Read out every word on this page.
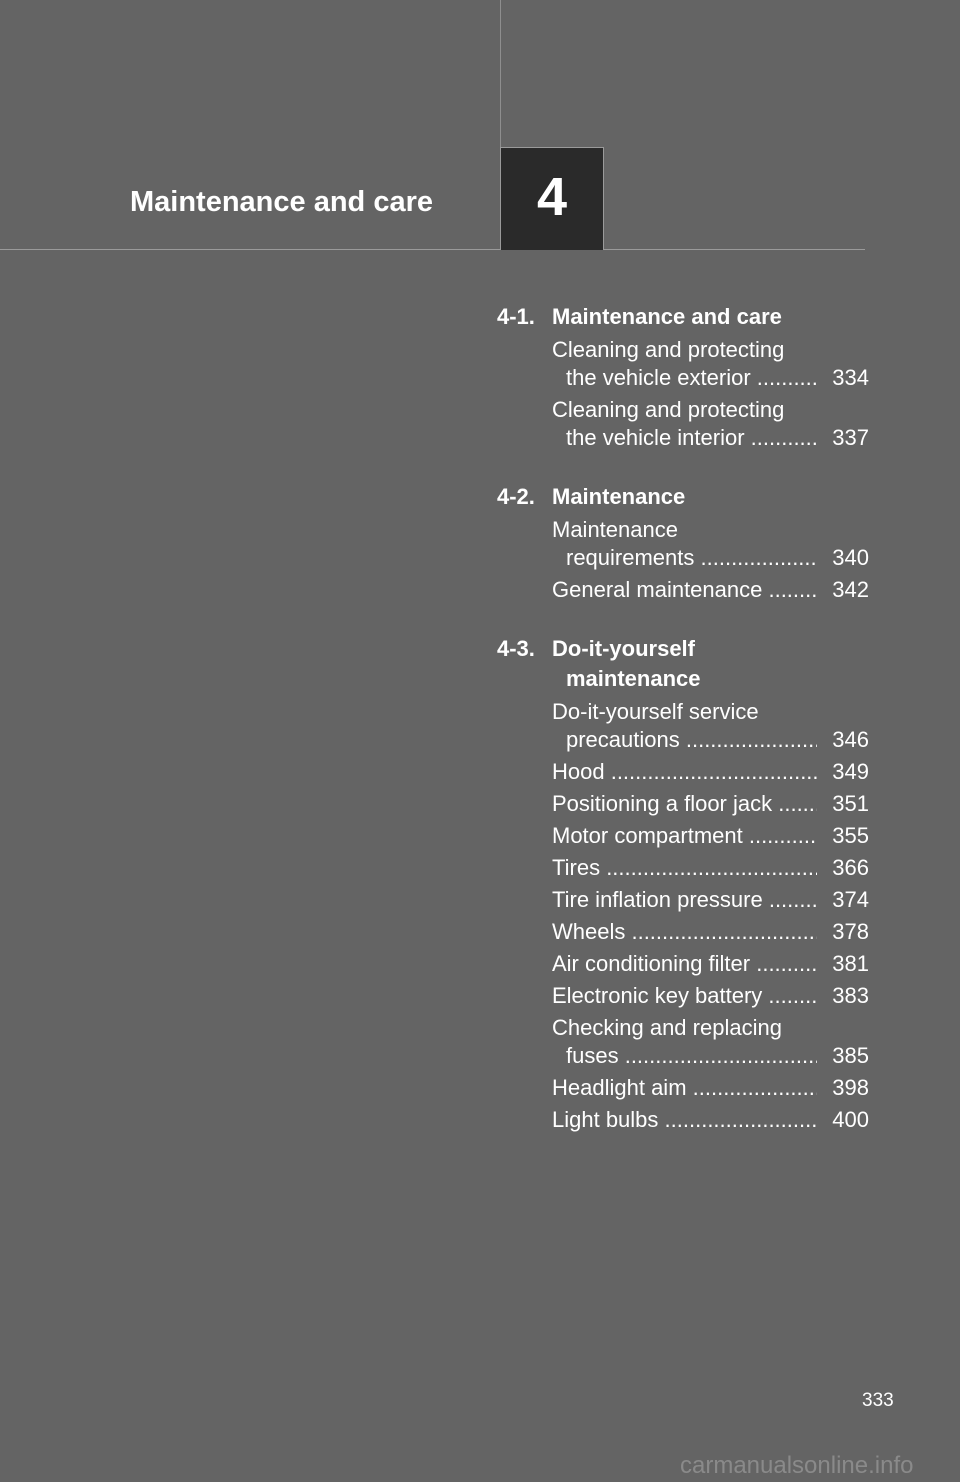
Maintenance and care	4
4-1. Maintenance and care
Cleaning and protecting
the vehicle exterior .....	334
Cleaning and protecting
the vehicle interior .....	337
4-2. Maintenance
Maintenance
requirements .....	340
General maintenance .....	342
4-3. Do-it-yourself
maintenance
Do-it-yourself service
precautions .....	346
Hood .....	349
Positioning a floor jack .....	351
Motor compartment .....	355
Tires .....	366
Tire inflation pressure .....	374
Wheels .....	378
Air conditioning filter .....	381
Electronic key battery .....	383
Checking and replacing
fuses .....	385
Headlight aim .....	398
Light bulbs .....	400
333
carmanualsonline.info
